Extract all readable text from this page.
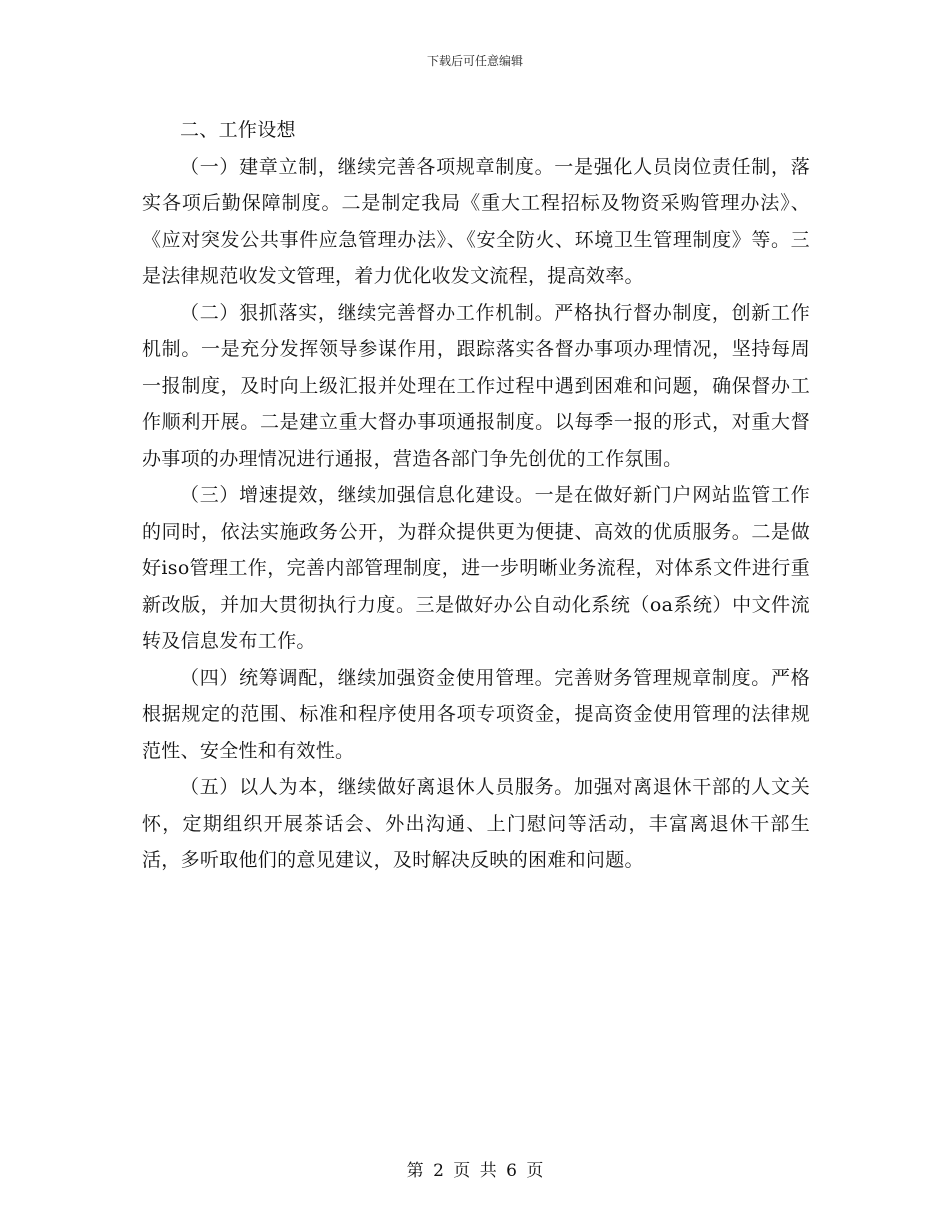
下载后可任意编辑

二、工作设想

（一）建章立制，继续完善各项规章制度。一是强化人员岗位责任制，落实各项后勤保障制度。二是制定我局《重大工程招标及物资采购管理办法》、《应对突发公共事件应急管理办法》、《安全防火、环境卫生管理制度》等。三是法律规范收发文管理，着力优化收发文流程，提高效率。

（二）狠抓落实，继续完善督办工作机制。严格执行督办制度，创新工作机制。一是充分发挥领导参谋作用，跟踪落实各督办事项办理情况，坚持每周一报制度，及时向上级汇报并处理在工作过程中遇到困难和问题，确保督办工作顺利开展。二是建立重大督办事项通报制度。以每季一报的形式，对重大督办事项的办理情况进行通报，营造各部门争先创优的工作氛围。

（三）增速提效，继续加强信息化建设。一是在做好新门户网站监管工作的同时，依法实施政务公开，为群众提供更为便捷、高效的优质服务。二是做好iso管理工作，完善内部管理制度，进一步明晰业务流程，对体系文件进行重新改版，并加大贯彻执行力度。三是做好办公自动化系统（oa系统）中文件流转及信息发布工作。

（四）统筹调配，继续加强资金使用管理。完善财务管理规章制度。严格根据规定的范围、标准和程序使用各项专项资金，提高资金使用管理的法律规范性、安全性和有效性。

（五）以人为本，继续做好离退休人员服务。加强对离退休干部的人文关怀，定期组织开展茶话会、外出沟通、上门慰问等活动，丰富离退休干部生活，多听取他们的意见建议，及时解决反映的困难和问题。

第 2 页 共 6 页
